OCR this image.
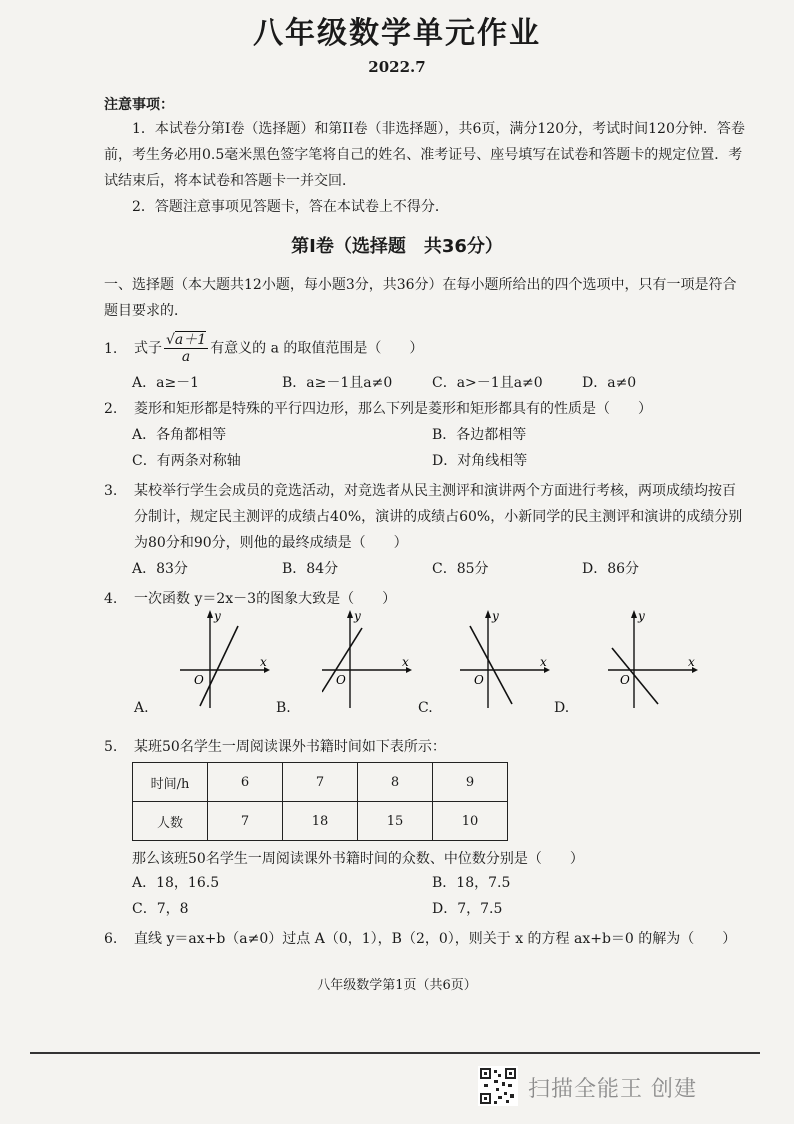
八年级数学单元作业
2022.7
注意事项：
1．本试卷分第Ⅰ卷（选择题）和第II卷（非选择题），共6页，满分120分，考试时间120分钟．答卷前，考生务必用0.5毫米黑色签字笔将自己的姓名、准考证号、座号填写在试卷和答题卡的规定位置．考试结束后，将本试卷和答题卡一并交回．
2．答题注意事项见答题卡，答在本试卷上不得分．
第Ⅰ卷（选择题　共36分）
一、选择题（本大题共12小题，每小题3分，共36分）在每小题所给出的四个选项中，只有一项是符合题目要求的．
1. 式子 $\frac{√a+1}{a}$ 有意义的 a 的取值范围是（　　）
A．a≥－1	B．a≥－1且a≠0	C．a>－1且a≠0	D．a≠0
2. 菱形和矩形都是特殊的平行四边形，那么下列是菱形和矩形都具有的性质是（　　）
A．各角都相等	B．各边都相等
C．有两条对称轴	D．对角线相等
3. 某校举行学生会成员的竞选活动，对竞选者从民主测评和演讲两个方面进行考核，两项成绩均按百分制计，规定民主测评的成绩占40%，演讲的成绩占60%，小新同学的民主测评和演讲的成绩分别为80分和90分，则他的最终成绩是（　　）
A．83分	B．84分	C．85分	D．86分
4. 一次函数 y＝2x－3的图象大致是（　　）
y
x
O
y
x
O
y
x
O
y
x
O
A.	B.	C.	D.
5. 某班50名学生一周阅读课外书籍时间如下表所示：
时间/h	6	7	8	9
人数	7	18	15	10
那么该班50名学生一周阅读课外书籍时间的众数、中位数分别是（　　）
A．18，16.5	B．18，7.5
C．7，8	D．7，7.5
6. 直线 y＝ax+b（a≠0）过点 A（0，1），B（2，0），则关于 x 的方程 ax+b＝0 的解为（　　）
八年级数学第1页（共6页）
扫描全能王 创建
